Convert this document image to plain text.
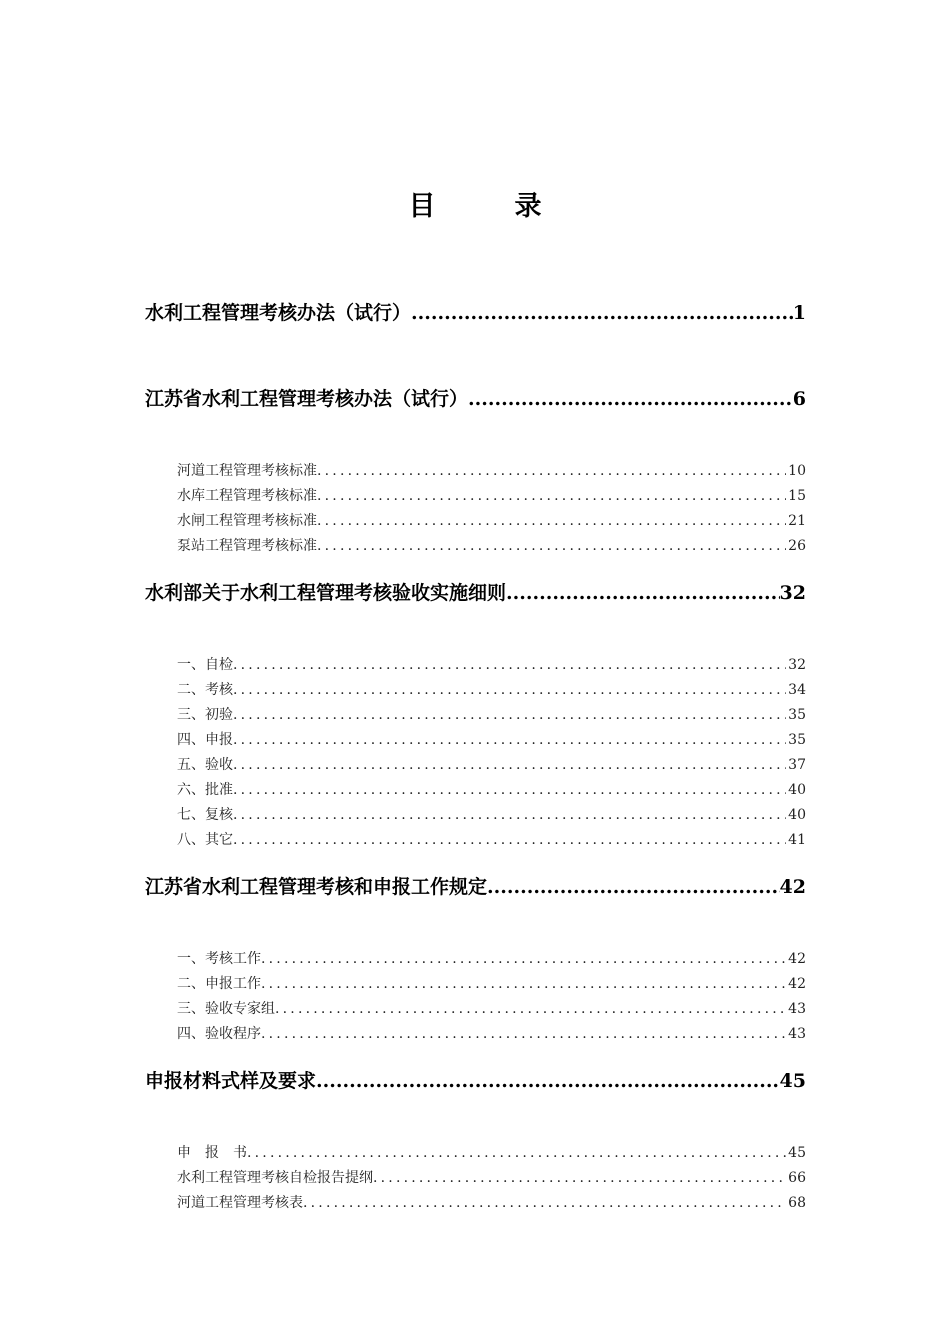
目　录
水利工程管理考核办法（试行） .....	1
江苏省水利工程管理考核办法（试行） .....	6
河道工程管理考核标准 .....	10
水库工程管理考核标准 .....	15
水闸工程管理考核标准 .....	21
泵站工程管理考核标准 .....	26
水利部关于水利工程管理考核验收实施细则 .....	32
一、自检 .....	32
二、考核 .....	34
三、初验 .....	35
四、申报 .....	35
五、验收 .....	37
六、批准 .....	40
七、复核 .....	40
八、其它 .....	41
江苏省水利工程管理考核和申报工作规定 .....	42
一、考核工作 .....	42
二、申报工作 .....	42
三、验收专家组 .....	43
四、验收程序 .....	43
申报材料式样及要求 .....	45
申　报　书 .....	45
水利工程管理考核自检报告提纲 .....	66
河道工程管理考核表 .....	68
